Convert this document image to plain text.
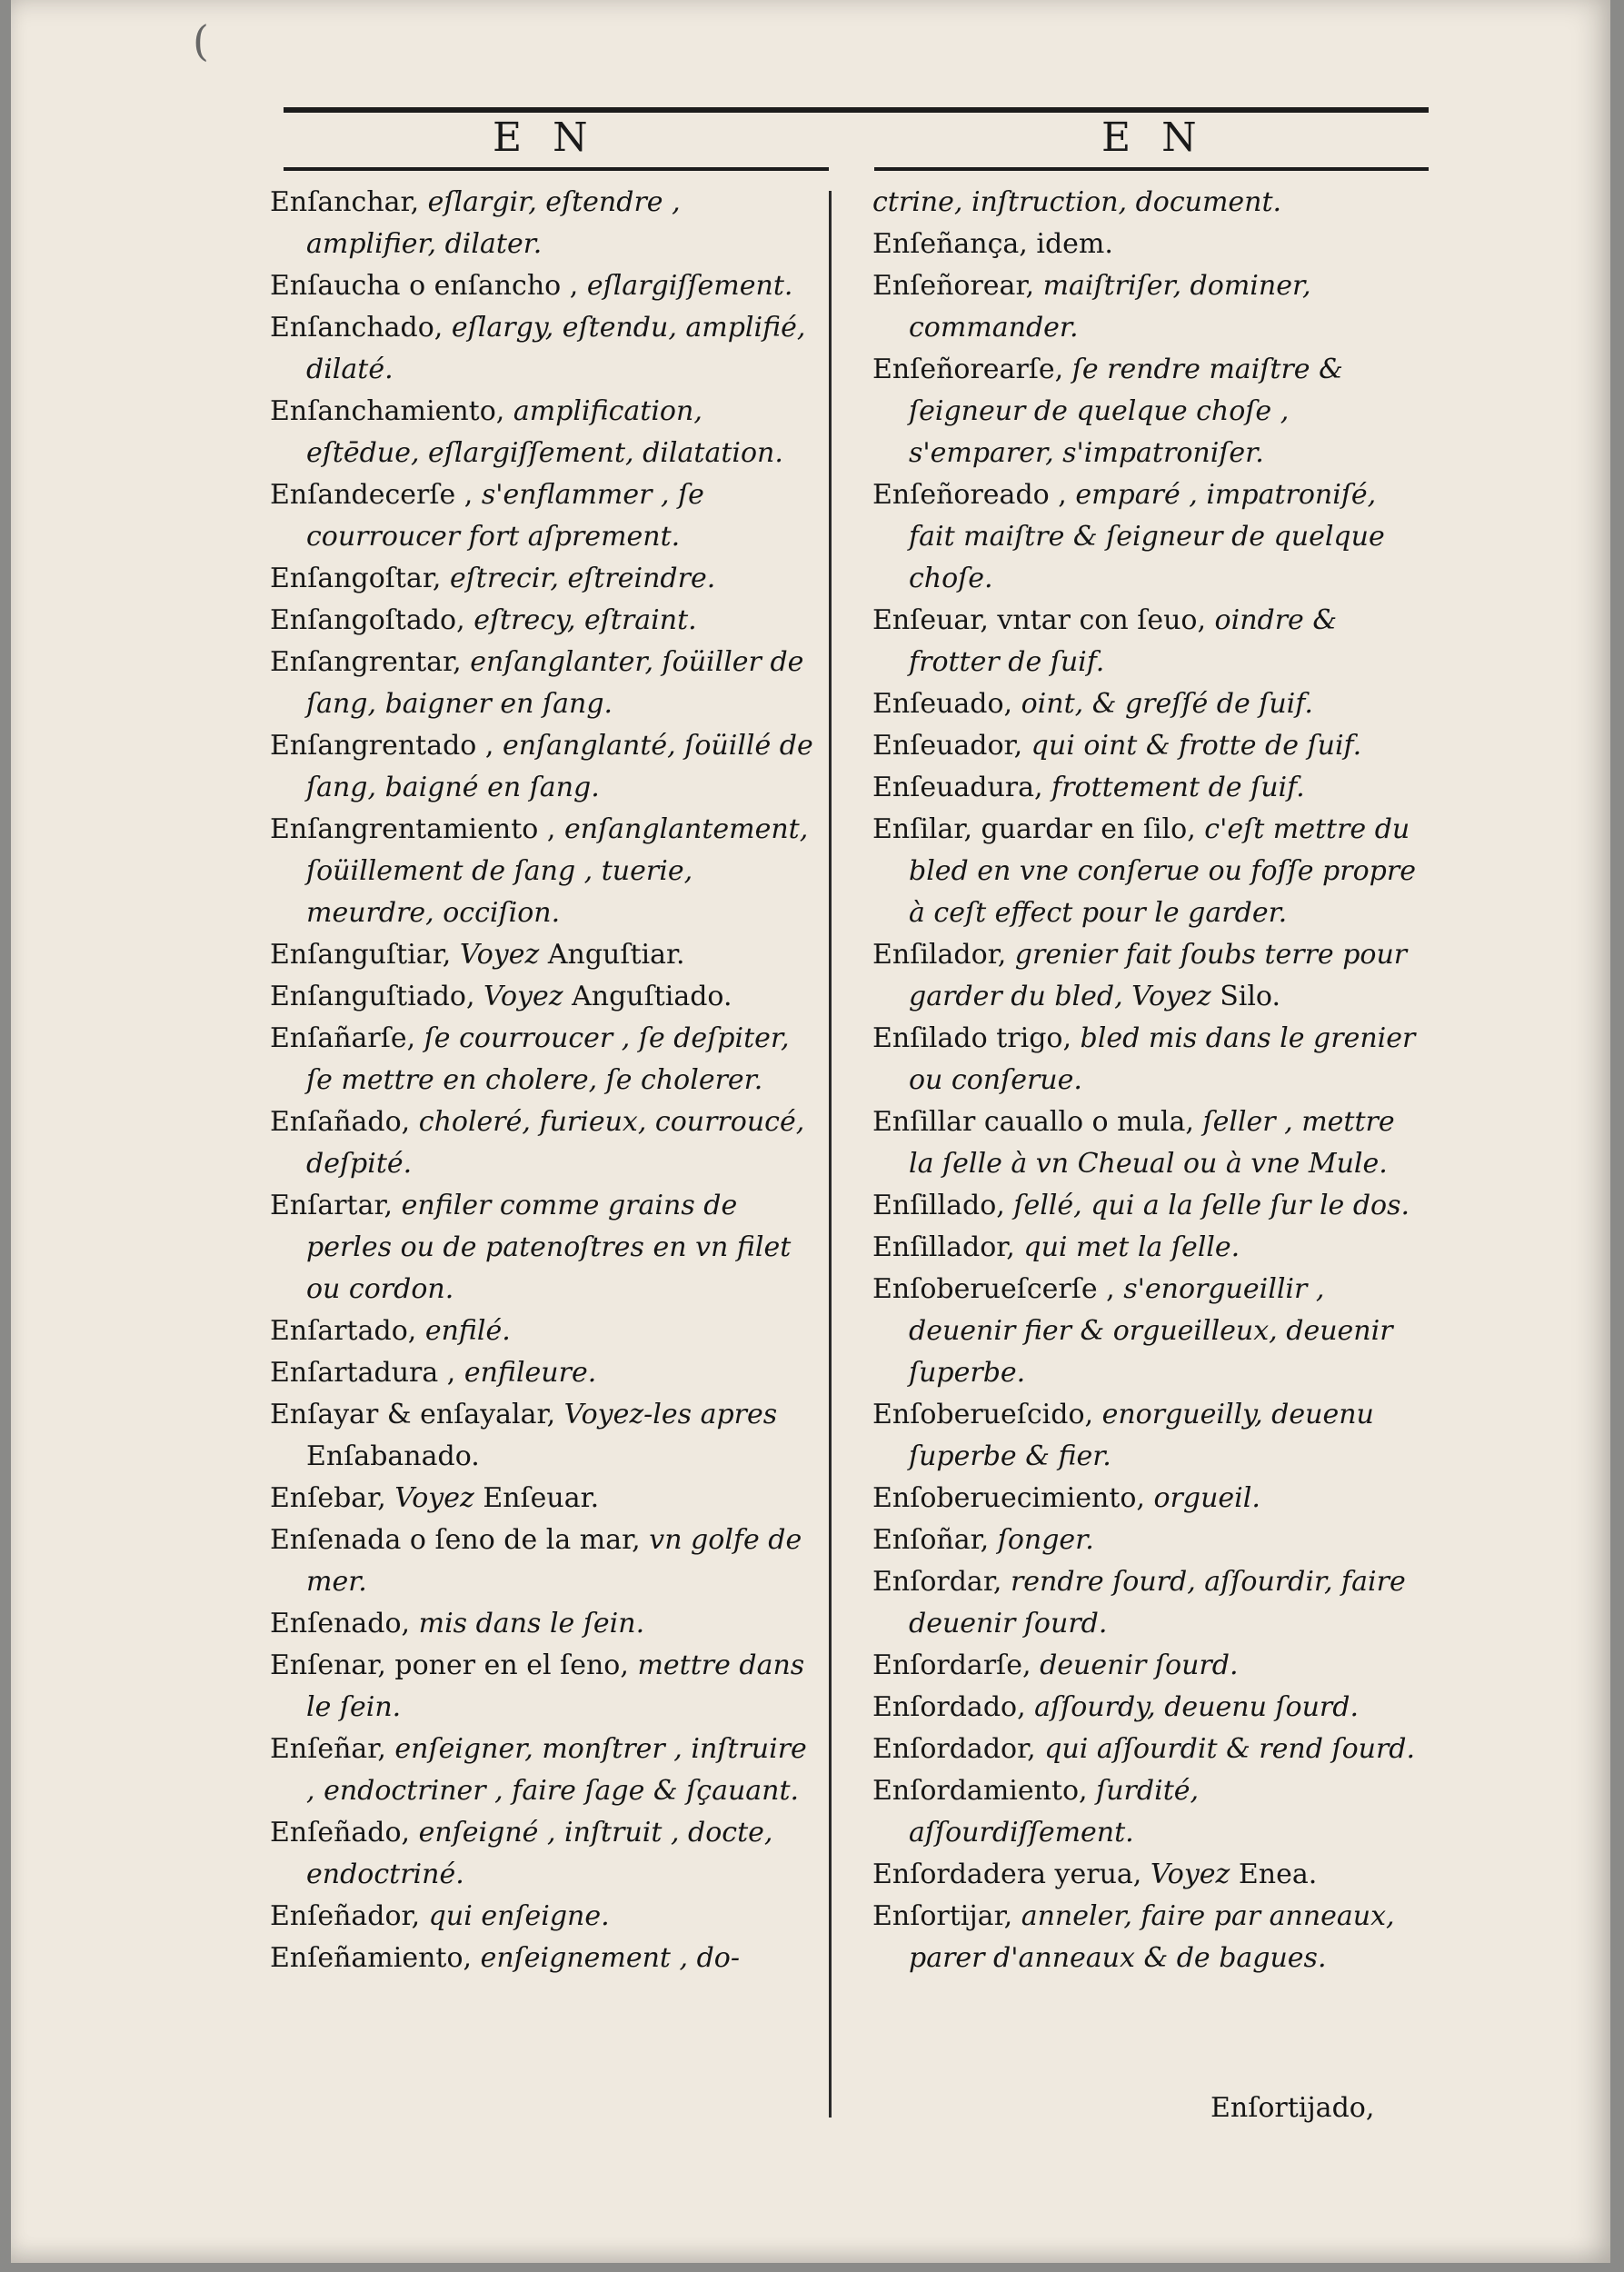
(
E N	E N
Enſanchar, eſlargir, eſtendre , amplifier, dilater.
Enſaucha o enſancho , eſlargiſſement.
Enſanchado, eſlargy, eſtendu, amplifié, dilaté.
Enſanchamiento, amplification, eſtēdue, eſlargiſſement, dilatation.
Enſandecerſe , s'enflammer , ſe courroucer fort aſprement.
Enſangoſtar, eſtrecir, eſtreindre.
Enſangoſtado, eſtrecy, eſtraint.
Enſangrentar, enſanglanter, ſoüiller de ſang, baigner en ſang.
Enſangrentado , enſanglanté, ſoüillé de ſang, baigné en ſang.
Enſangrentamiento , enſanglantement, ſoüillement de ſang , tuerie, meurdre, occiſion.
Enſanguſtiar, Voyez Anguſtiar.
Enſanguſtiado, Voyez Anguſtiado.
Enſañarſe, ſe courroucer , ſe deſpiter, ſe mettre en cholere, ſe cholerer.
Enſañado, choleré, furieux, courroucé, deſpité.
Enſartar, enfiler comme grains de perles ou de patenoſtres en vn filet ou cordon.
Enſartado, enfilé.
Enſartadura , enfileure.
Enſayar & enſayalar, Voyez-les apres Enſabanado.
Enſebar, Voyez Enſeuar.
Enſenada o ſeno de la mar, vn golfe de mer.
Enſenado, mis dans le ſein.
Enſenar, poner en el ſeno, mettre dans le ſein.
Enſeñar, enſeigner, monſtrer , inſtruire , endoctriner , faire ſage & ſçauant.
Enſeñado, enſeigné , inſtruit , docte, endoctriné.
Enſeñador, qui enſeigne.
Enſeñamiento, enſeignement , do-
ctrine, inſtruction, document.
Enſeñança, idem.
Enſeñorear, maiſtriſer, dominer, commander.
Enſeñorearſe, ſe rendre maiſtre & ſeigneur de quelque choſe , s'emparer, s'impatroniſer.
Enſeñoreado , emparé , impatroniſé, fait maiſtre & ſeigneur de quelque choſe.
Enſeuar, vntar con ſeuo, oindre & frotter de ſuif.
Enſeuado, oint, & greſſé de ſuif.
Enſeuador, qui oint & frotte de ſuif.
Enſeuadura, frottement de ſuif.
Enſilar, guardar en ſilo, c'eſt mettre du bled en vne conſerue ou foſſe propre à ceſt effect pour le garder.
Enſilador, grenier fait ſoubs terre pour garder du bled, Voyez Silo.
Enſilado trigo, bled mis dans le grenier ou conſerue.
Enſillar cauallo o mula, ſeller , mettre la ſelle à vn Cheual ou à vne Mule.
Enſillado, ſellé, qui a la ſelle ſur le dos.
Enſillador, qui met la ſelle.
Enſoberueſcerſe , s'enorgueillir , deuenir fier & orgueilleux, deuenir ſuperbe.
Enſoberueſcido, enorgueilly, deuenu ſuperbe & fier.
Enſoberuecimiento, orgueil.
Enſoñar, ſonger.
Enſordar, rendre ſourd, aſſourdir, faire deuenir ſourd.
Enſordarſe, deuenir ſourd.
Enſordado, aſſourdy, deuenu ſourd.
Enſordador, qui aſſourdit & rend ſourd.
Enſordamiento, ſurdité, aſſourdiſſement.
Enſordadera yerua, Voyez Enea.
Enſortijar, anneler, faire par anneaux, parer d'anneaux & de bagues.
Enſortijado,
